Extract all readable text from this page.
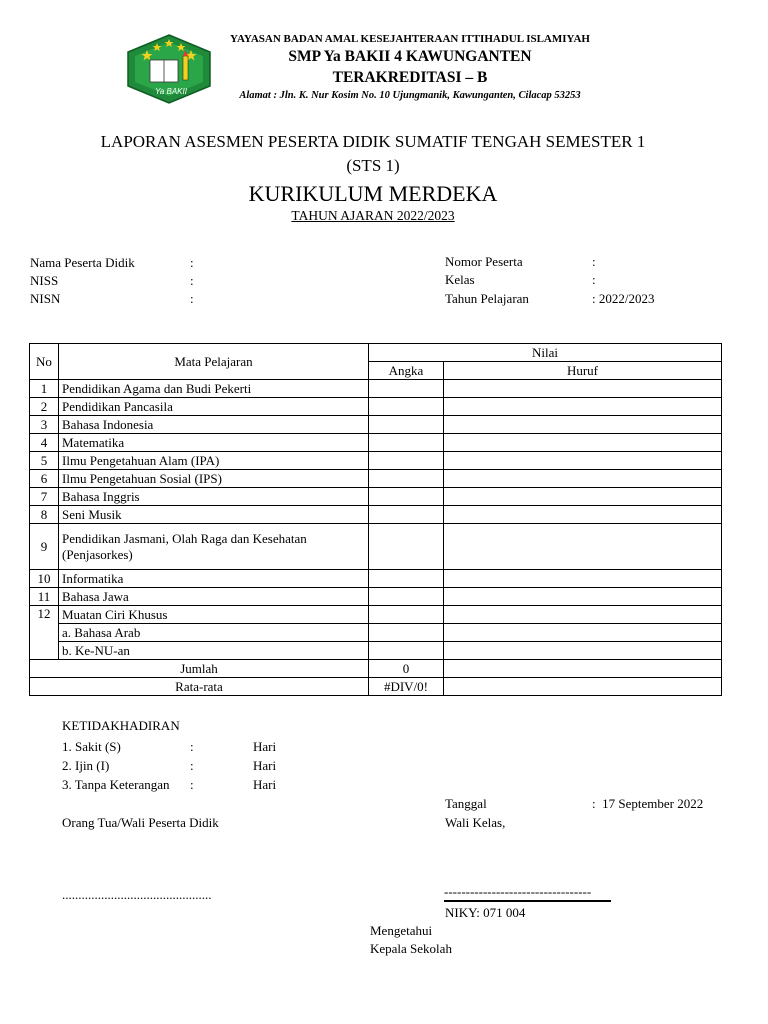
Ya BAKII
YAYASAN BADAN AMAL KESEJAHTERAAN ITTIHADUL ISLAMIYAH
SMP Ya BAKII 4 KAWUNGANTEN
TERAKREDITASI – B
Alamat : Jln. K. Nur Kosim No. 10 Ujungmanik, Kawunganten, Cilacap 53253
LAPORAN ASESMEN PESERTA DIDIK SUMATIF TENGAH SEMESTER 1
(STS 1)
KURIKULUM MERDEKA
TAHUN AJARAN 2022/2023
Nama Peserta Didik	:
NISS	:
NISN	:
Nomor Peserta	:
Kelas	:
Tahun Pelajaran	: 2022/2023
No	Mata Pelajaran	Nilai	
		Angka	Huruf
1	Pendidikan Agama dan Budi Pekerti		
2	Pendidikan Pancasila		
3	Bahasa Indonesia		
4	Matematika		
5	Ilmu Pengetahuan Alam (IPA)		
6	Ilmu Pengetahuan Sosial (IPS)		
7	Bahasa Inggris		
8	Seni Musik		
9	Pendidikan Jasmani, Olah Raga dan Kesehatan (Penjasorkes)		
10	Informatika		
11	Bahasa Jawa		
12	Muatan Ciri Khusus		
	a. Bahasa Arab		
	b. Ke-NU-an		
Jumlah		0	
Rata-rata		#DIV/0!	
KETIDAKHADIRAN
1. Sakit (S)	:	Hari
2. Ijin (I)	:	Hari
3. Tanpa Keterangan :	Hari
Tanggal	: 17 September 2022
Orang Tua/Wali Peserta Didik	Wali Kelas,
..............................................	----------------------------------
NIKY: 071 004
Mengetahui
Kepala Sekolah
